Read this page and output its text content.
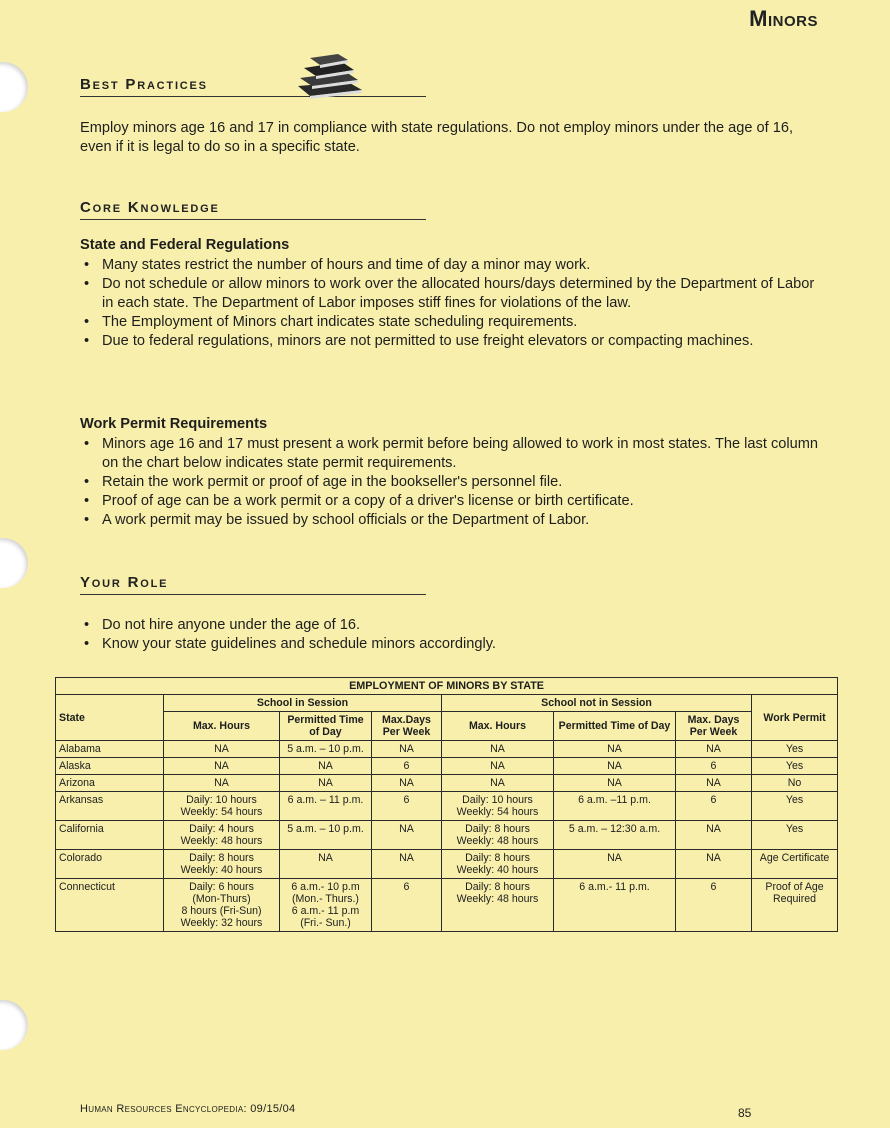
Minors
Best Practices

Employ minors age 16 and 17 in compliance with state regulations. Do not employ minors under the age of 16, even if it is legal to do so in a specific state.

Core Knowledge
State and Federal Regulations
• Many states restrict the number of hours and time of day a minor may work.
• Do not schedule or allow minors to work over the allocated hours/days determined by the Department of Labor in each state. The Department of Labor imposes stiff fines for violations of the law.
• The Employment of Minors chart indicates state scheduling requirements.
• Due to federal regulations, minors are not permitted to use freight elevators or compacting machines.
Work Permit Requirements
• Minors age 16 and 17 must present a work permit before being allowed to work in most states. The last column on the chart below indicates state permit requirements.
• Retain the work permit or proof of age in the bookseller's personnel file.
• Proof of age can be a work permit or a copy of a driver's license or birth certificate.
• A work permit may be issued by school officials or the Department of Labor.
Your Role
• Do not hire anyone under the age of 16.
• Know your state guidelines and schedule minors accordingly.
EMPLOYMENT OF MINORS BY STATE							
State	School in Session			School not in Session			Work Permit
	Max. Hours	Permitted Time of Day	Max.Days Per Week	Max. Hours	Permitted Time of Day	Max. Days Per Week	
Alabama	NA	5 a.m. – 10 p.m.	NA	NA	NA	NA	Yes
Alaska	NA	NA	6	NA	NA	6	Yes
Arizona	NA	NA	NA	NA	NA	NA	No
Arkansas	Daily: 10 hours
Weekly: 54 hours	6 a.m. – 11 p.m.	6	Daily: 10 hours
Weekly: 54 hours	6 a.m. –11 p.m.	6	Yes
California	Daily: 4 hours
Weekly: 48 hours	5 a.m. – 10 p.m.	NA	Daily: 8 hours
Weekly: 48 hours	5 a.m. – 12:30 a.m.	NA	Yes
Colorado	Daily: 8 hours
Weekly: 40 hours	NA	NA	Daily: 8 hours
Weekly: 40 hours	NA	NA	Age Certificate
Connecticut	Daily: 6 hours
(Mon-Thurs)
8 hours (Fri-Sun)
Weekly: 32 hours	6 a.m.- 10 p.m (Mon.- Thurs.)
6 a.m.- 11 p.m (Fri.- Sun.)	6	Daily: 8 hours
Weekly: 48 hours	6 a.m.- 11 p.m.	6	Proof of Age Required
Human Resources Encyclopedia: 09/15/04	85
